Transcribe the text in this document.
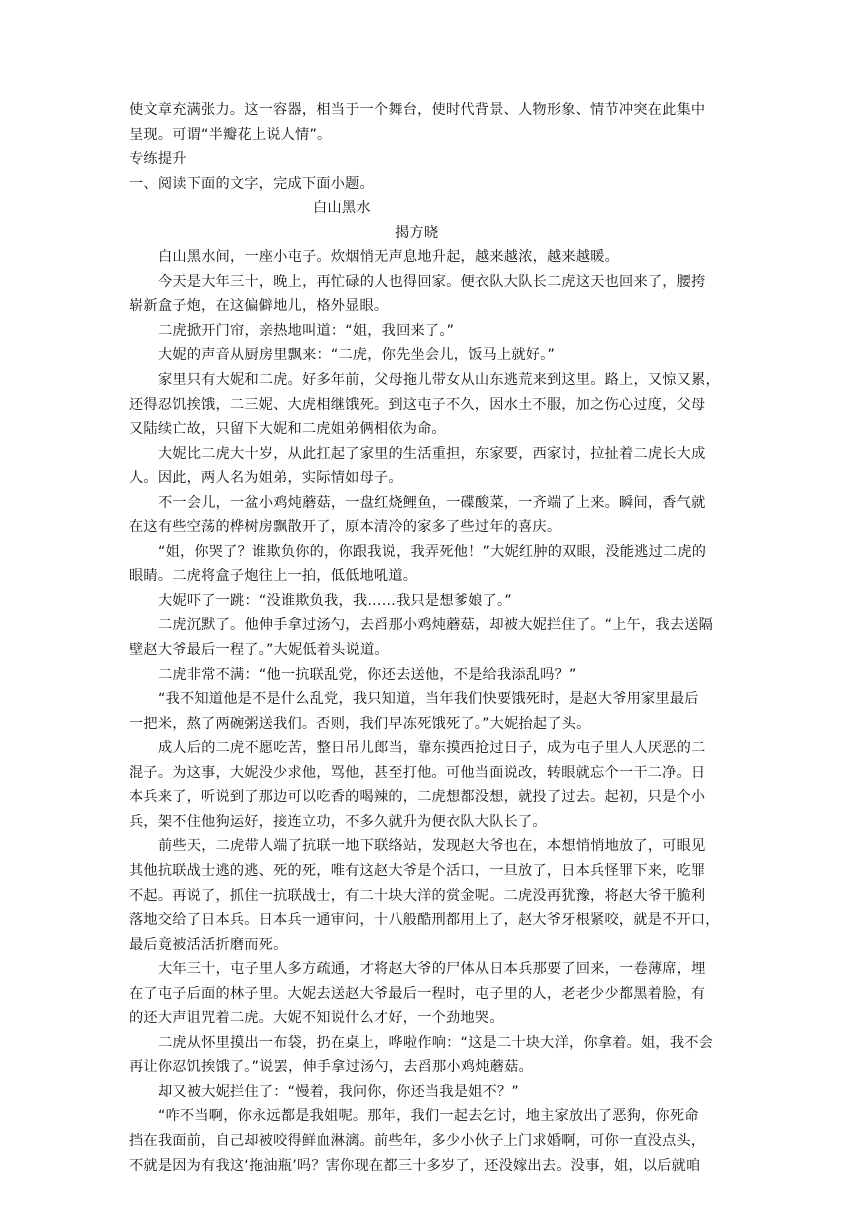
使文章充满张力。这一容器，相当于一个舞台，使时代背景、人物形象、情节冲突在此集中
呈现。可谓“半瓣花上说人情”。
专练提升
一、阅读下面的文字，完成下面小题。
白山黑水
揭方晓
白山黑水间，一座小屯子。炊烟悄无声息地升起，越来越浓，越来越暖。
今天是大年三十，晚上，再忙碌的人也得回家。便衣队大队长二虎这天也回来了，腰挎
崭新盒子炮，在这偏僻地儿，格外显眼。
二虎掀开门帘，亲热地叫道：“姐，我回来了。”
大妮的声音从厨房里飘来：“二虎，你先坐会儿，饭马上就好。”
家里只有大妮和二虎。好多年前，父母拖儿带女从山东逃荒来到这里。路上，又惊又累，
还得忍饥挨饿，二三妮、大虎相继饿死。到这屯子不久，因水土不服，加之伤心过度，父母
又陆续亡故，只留下大妮和二虎姐弟俩相依为命。
大妮比二虎大十岁，从此扛起了家里的生活重担，东家要，西家讨，拉扯着二虎长大成
人。因此，两人名为姐弟，实际情如母子。
不一会儿，一盆小鸡炖蘑菇，一盘红烧鲤鱼，一碟酸菜，一齐端了上来。瞬间，香气就
在这有些空荡的桦树房飘散开了，原本清冷的家多了些过年的喜庆。
“姐，你哭了？谁欺负你的，你跟我说，我弄死他！”大妮红肿的双眼，没能逃过二虎的
眼睛。二虎将盒子炮往上一拍，低低地吼道。
大妮吓了一跳：“没谁欺负我，我……我只是想爹娘了。”
二虎沉默了。他伸手拿过汤勺，去舀那小鸡炖蘑菇，却被大妮拦住了。“上午，我去送隔
壁赵大爷最后一程了。”大妮低着头说道。
二虎非常不满：“他一抗联乱党，你还去送他，不是给我添乱吗？”
“我不知道他是不是什么乱党，我只知道，当年我们快要饿死时，是赵大爷用家里最后
一把米，熬了两碗粥送我们。否则，我们早冻死饿死了。”大妮抬起了头。
成人后的二虎不愿吃苦，整日吊儿郎当，靠东摸西抢过日子，成为屯子里人人厌恶的二
混子。为这事，大妮没少求他，骂他，甚至打他。可他当面说改，转眼就忘个一干二净。日
本兵来了，听说到了那边可以吃香的喝辣的，二虎想都没想，就投了过去。起初，只是个小
兵，架不住他狗运好，接连立功，不多久就升为便衣队大队长了。
前些天，二虎带人端了抗联一地下联络站，发现赵大爷也在，本想悄悄地放了，可眼见
其他抗联战士逃的逃、死的死，唯有这赵大爷是个活口，一旦放了，日本兵怪罪下来，吃罪
不起。再说了，抓住一抗联战士，有二十块大洋的赏金呢。二虎没再犹豫，将赵大爷干脆利
落地交给了日本兵。日本兵一通审问，十八般酷刑都用上了，赵大爷牙根紧咬，就是不开口，
最后竟被活活折磨而死。
大年三十，屯子里人多方疏通，才将赵大爷的尸体从日本兵那要了回来，一卷薄席，埋
在了屯子后面的林子里。大妮去送赵大爷最后一程时，屯子里的人，老老少少都黑着脸，有
的还大声诅咒着二虎。大妮不知说什么才好，一个劲地哭。
二虎从怀里摸出一布袋，扔在桌上，哗啦作响：“这是二十块大洋，你拿着。姐，我不会
再让你忍饥挨饿了。”说罢，伸手拿过汤勺，去舀那小鸡炖蘑菇。
却又被大妮拦住了：“慢着，我问你，你还当我是姐不？”
“咋不当啊，你永远都是我姐呢。那年，我们一起去乞讨，地主家放出了恶狗，你死命
挡在我面前，自己却被咬得鲜血淋漓。前些年，多少小伙子上门求婚啊，可你一直没点头，
不就是因为有我这‘拖油瓶’吗？害你现在都三十多岁了，还没嫁出去。没事，姐，以后就咱
